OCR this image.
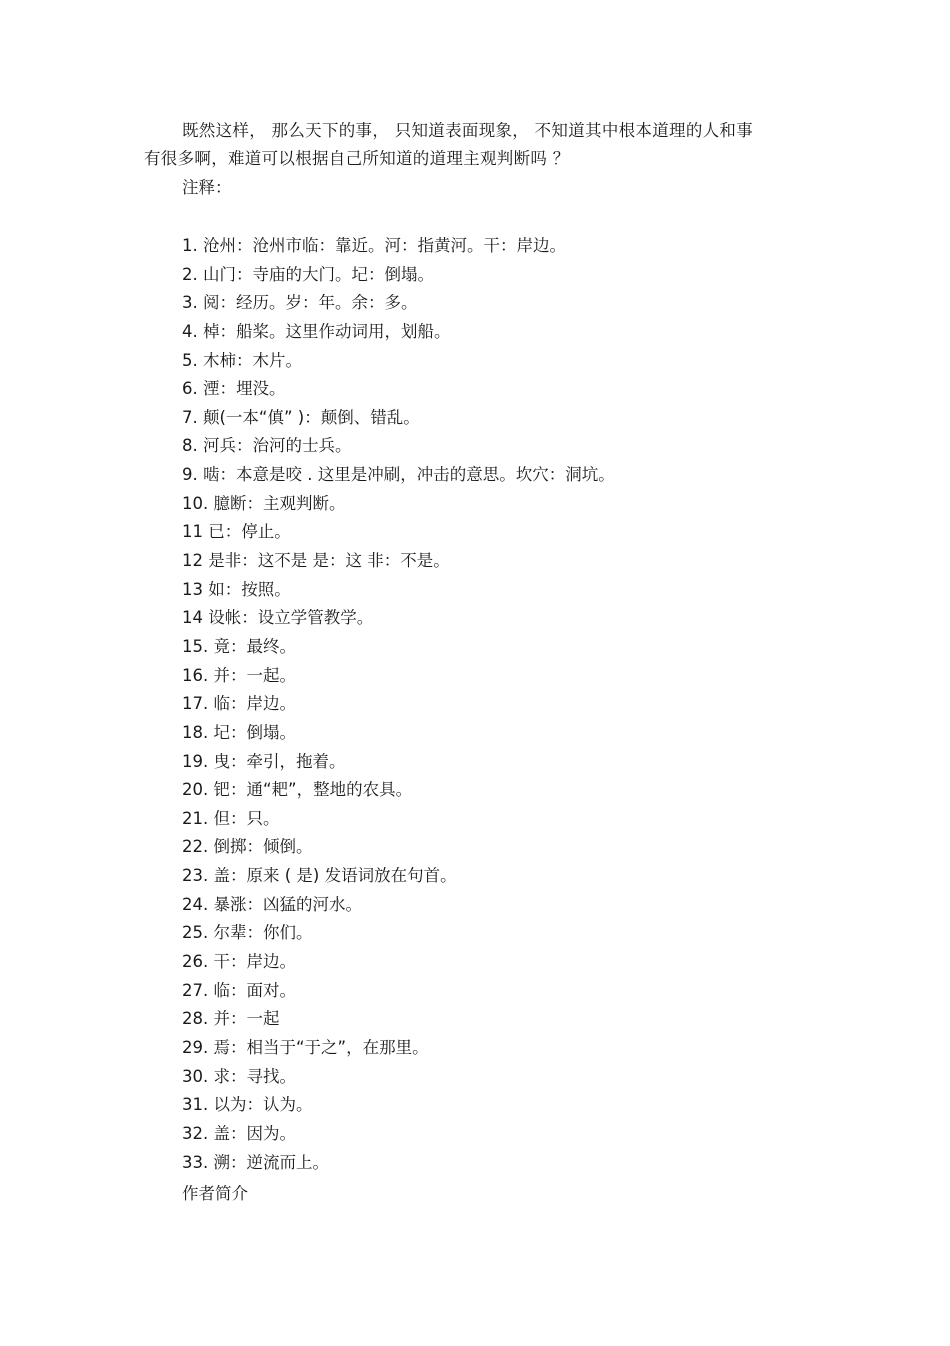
既然这样， 那么天下的事， 只知道表面现象， 不知道其中根本道理的人和事
有很多啊，难道可以根据自己所知道的道理主观判断吗 ？
注释：
1. 沧州：沧州市临：靠近。河：指黄河。干：岸边。
2. 山门：寺庙的大门。圮：倒塌。
3. 阅：经历。岁：年。余：多。
4. 棹：船桨。这里作动词用，划船。
5. 木柿：木片。
6. 湮：埋没。
7. 颠(一本“傎” )：颠倒、错乱。
8. 河兵：治河的士兵。
9. 啮：本意是咬 . 这里是冲刷，冲击的意思。坎穴：洞坑。
10. 臆断：主观判断。
11 已：停止。
12 是非：这不是 是：这 非：不是。
13 如：按照。
14 设帐：设立学管教学。
15. 竟：最终。
16. 并：一起。
17. 临：岸边。
18. 圮：倒塌。
19. 曳：牵引，拖着。
20. 钯：通“耙”，整地的农具。
21. 但：只。
22. 倒掷：倾倒。
23. 盖：原来 ( 是) 发语词放在句首。
24. 暴涨：凶猛的河水。
25. 尔辈：你们。
26. 干：岸边。
27. 临：面对。
28. 并：一起
29. 焉：相当于“于之”，在那里。
30. 求：寻找。
31. 以为：认为。
32. 盖：因为。
33. 溯：逆流而上。
作者简介
